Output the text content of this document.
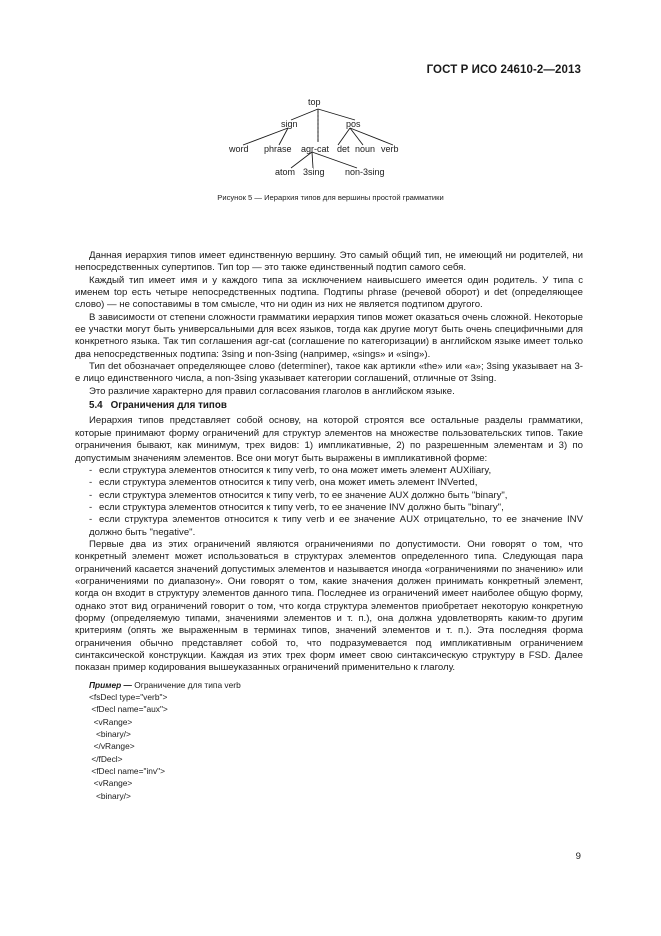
ГОСТ Р ИСО 24610-2—2013
top
sign	pos
word phrase agr-cat det noun verb
atom 3sing non-3sing
Рисунок 5 — Иерархия типов для вершины простой грамматики

Данная иерархия типов имеет единственную вершину. Это самый общий тип, не имеющий ни родителей, ни непосредственных супертипов. Тип top — это также единственный подтип самого себя.

Каждый тип имеет имя и у каждого типа за исключением наивысшего имеется один родитель. У типа с именем top есть четыре непосредственных подтипа. Подтипы phrase (речевой оборот) и det (определяющее слово) — не сопоставимы в том смысле, что ни один из них не является подтипом другого.

В зависимости от степени сложности грамматики иерархия типов может оказаться очень сложной. Некоторые ее участки могут быть универсальными для всех языков, тогда как другие могут быть очень специфичными для конкретного языка. Так тип соглашения agr-cat (соглашение по категоризации) в английском языке имеет только два непосредственных подтипа: 3sing и non-3sing (например, «sings» и «sing»).

Тип det обозначает определяющее слово (determiner), такое как артикли «the» или «a»; 3sing указывает на 3-е лицо единственного числа, а non-3sing указывает категории соглашений, отличные от 3sing.

Это различие характерно для правил согласования глаголов в английском языке.

5.4 Ограничения для типов

Иерархия типов представляет собой основу, на которой строятся все остальные разделы грамматики, которые принимают форму ограничений для структур элементов на множестве пользовательских типов. Такие ограничения бывают, как минимум, трех видов: 1) импликативные, 2) по разрешенным элементам и 3) по допустимым значениям элементов. Все они могут быть выражены в импликативной форме:

- если структура элементов относится к типу verb, то она может иметь элемент AUXiliary,
- если структура элементов относится к типу verb, она может иметь элемент INVerted,
- если структура элементов относится к типу verb, то ее значение AUX должно быть "binary",
- если структура элементов относится к типу verb, то ее значение INV должно быть "binary",
- если структура элементов относится к типу verb и ее значение AUX отрицательно, то ее значение INV должно быть "negative".

Первые два из этих ограничений являются ограничениями по допустимости. Они говорят о том, что конкретный элемент может использоваться в структурах элементов определенного типа. Следующая пара ограничений касается значений допустимых элементов и называется иногда «ограничениями по значению» или «ограничениями по диапазону». Они говорят о том, какие значения должен принимать конкретный элемент, когда он входит в структуру элементов данного типа. Последнее из ограничений имеет наиболее общую форму, однако этот вид ограничений говорит о том, что когда структура элементов приобретает некоторую конкретную форму (определяемую типами, значениями элементов и т. п.), она должна удовлетворять каким-то другим критериям (опять же выраженным в терминах типов, значений элементов и т. п.). Эта последняя форма ограничения обычно представляет собой то, что подразумевается под импликативным ограничением синтаксической конструкции. Каждая из этих трех форм имеет свою синтаксическую структуру в FSD. Далее показан пример кодирования вышеуказанных ограничений применительно к глаголу.

Пример — Ограничение для типа verb
<fsDecl type="verb">
<fDecl name="aux">
<vRange>
<binary/>
</vRange>
</fDecl>
<fDecl name="inv">
<vRange>
<binary/>
9
